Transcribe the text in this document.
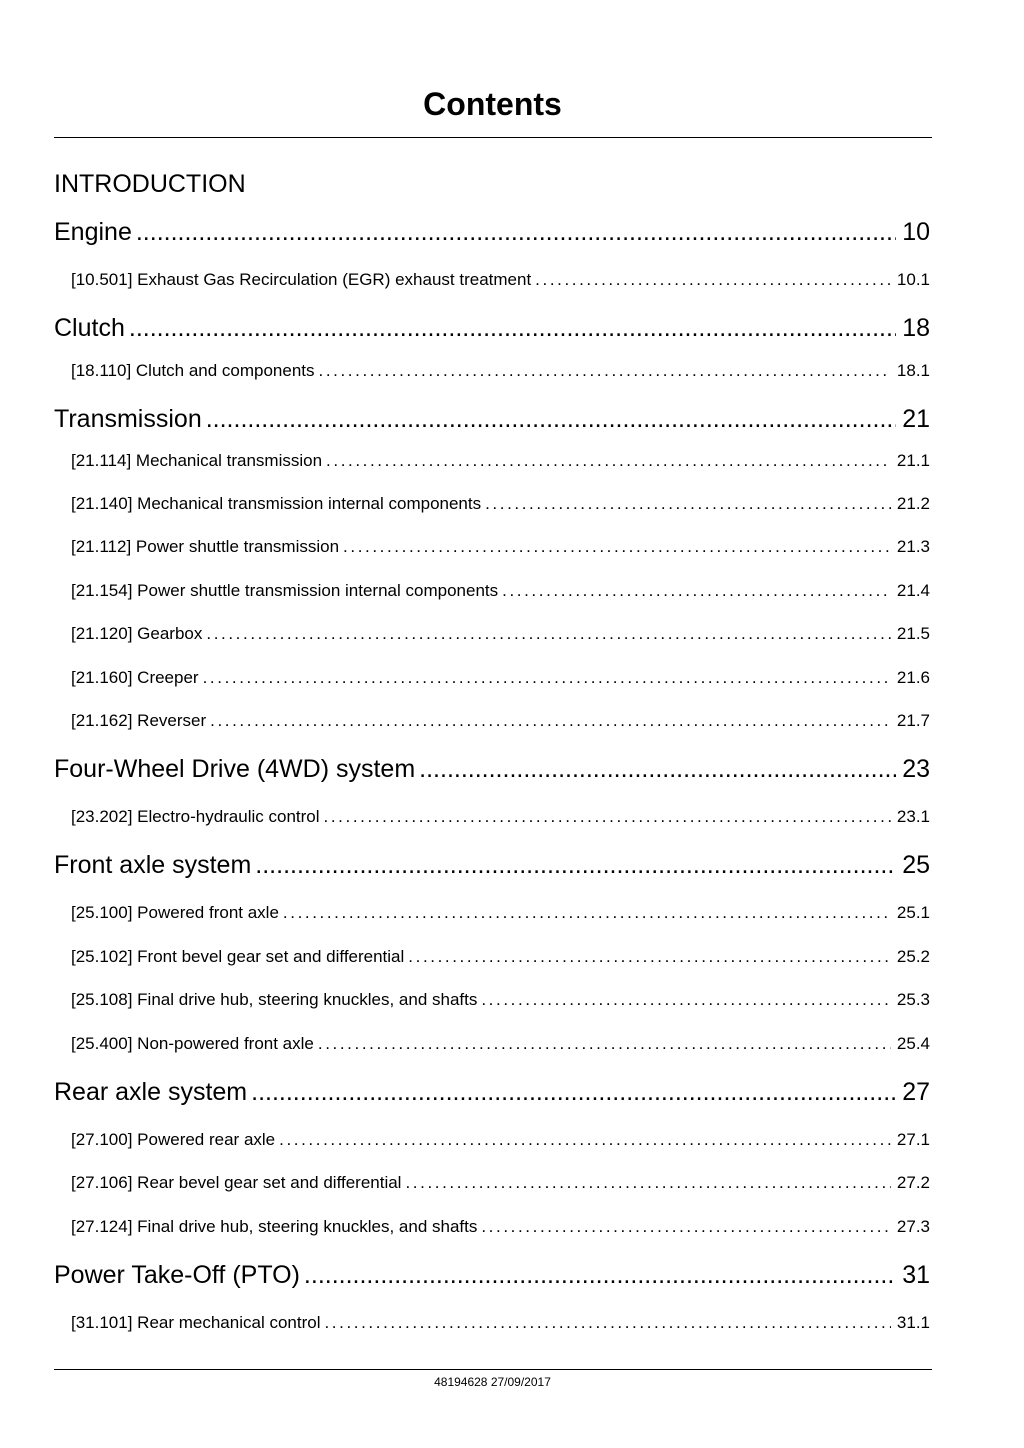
Contents
INTRODUCTION
Engine .....	10
[10.501] Exhaust Gas Recirculation (EGR) exhaust treatment .....	10.1
Clutch .....	18
[18.110] Clutch and components .....	18.1
Transmission .....	21
[21.114] Mechanical transmission .....	21.1
[21.140] Mechanical transmission internal components .....	21.2
[21.112] Power shuttle transmission .....	21.3
[21.154] Power shuttle transmission internal components .....	21.4
[21.120] Gearbox .....	21.5
[21.160] Creeper .....	21.6
[21.162] Reverser .....	21.7
Four-Wheel Drive (4WD) system .....	23
[23.202] Electro-hydraulic control .....	23.1
Front axle system .....	25
[25.100] Powered front axle .....	25.1
[25.102] Front bevel gear set and differential .....	25.2
[25.108] Final drive hub, steering knuckles, and shafts .....	25.3
[25.400] Non-powered front axle .....	25.4
Rear axle system .....	27
[27.100] Powered rear axle .....	27.1
[27.106] Rear bevel gear set and differential .....	27.2
[27.124] Final drive hub, steering knuckles, and shafts .....	27.3
Power Take-Off (PTO) .....	31
[31.101] Rear mechanical control .....	31.1
48194628 27/09/2017
